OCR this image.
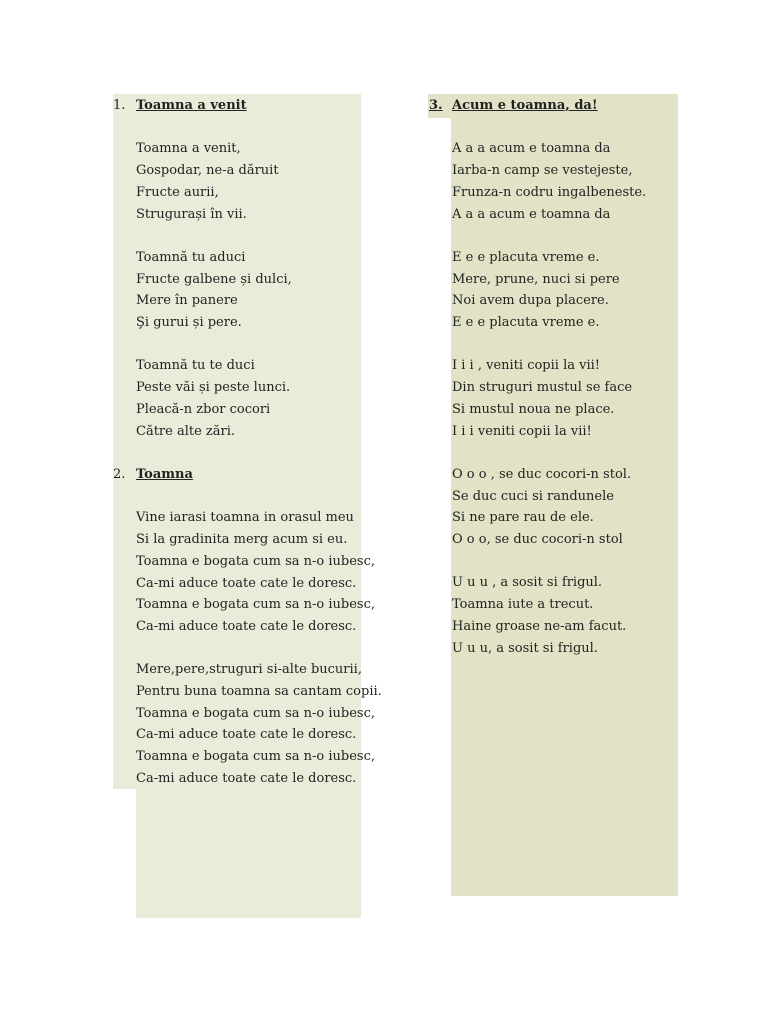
1. Toamna a venit
Toamna a venit,
Gospodar, ne-a dăruit
Fructe aurii,
Strugurași în vii.
Toamnă tu aduci
Fructe galbene și dulci,
Mere în panere
Şi gurui și pere.
Toamnă tu te duci
Peste văi și peste lunci.
Pleacă-n zbor cocori
Către alte zări.
2. Toamna
Vine iarasi toamna in orasul meu
Si la gradinita merg acum si eu.
Toamna e bogata cum sa n-o iubesc,
Ca-mi aduce toate cate le doresc.
Toamna e bogata cum sa n-o iubesc,
Ca-mi aduce toate cate le doresc.
Mere,pere,struguri si-alte bucurii,
Pentru buna toamna sa cantam copii.
Toamna e bogata cum sa n-o iubesc,
Ca-mi aduce toate cate le doresc.
Toamna e bogata cum sa n-o iubesc,
Ca-mi aduce toate cate le doresc.
3. Acum e toamna, da!
A a a acum e toamna da
Iarba-n camp se vestejeste,
Frunza-n codru ingalbeneste.
A a a acum e toamna da
E e e placuta vreme e.
Mere, prune, nuci si pere
Noi avem dupa placere.
E e e placuta vreme e.
I i i , veniti copii la vii!
Din struguri mustul se face
Si mustul noua ne place.
I i i veniti copii la vii!
O o o , se duc cocori-n stol.
Se duc cuci si randunele
Si ne pare rau de ele.
O o o, se duc cocori-n stol
U u u , a sosit si frigul.
Toamna iute a trecut.
Haine groase ne-am facut.
U u u, a sosit si frigul.
